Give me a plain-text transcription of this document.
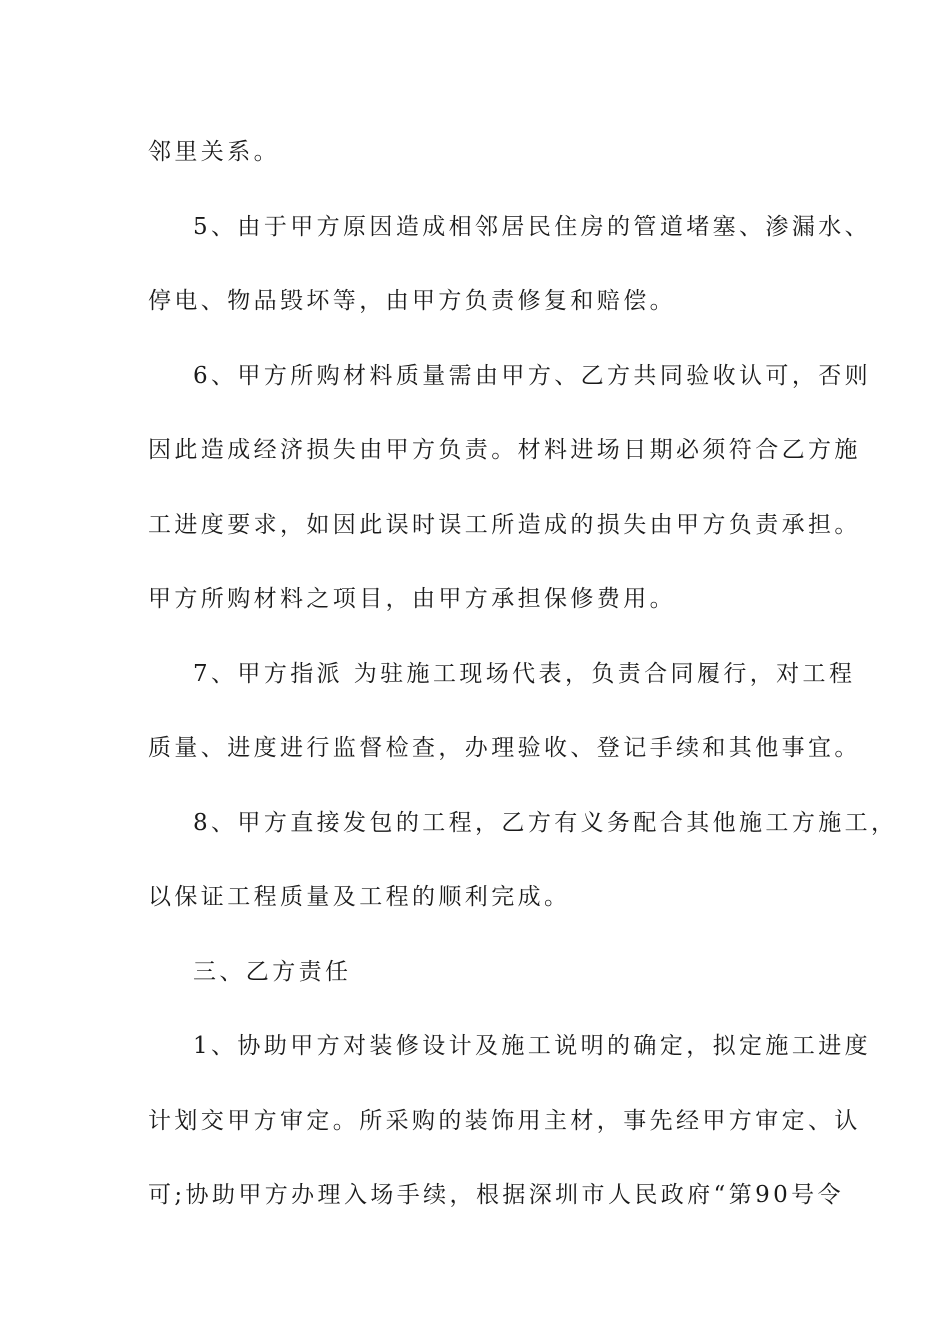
邻里关系。
5、由于甲方原因造成相邻居民住房的管道堵塞、渗漏水、
停电、物品毁坏等，由甲方负责修复和赔偿。
6、甲方所购材料质量需由甲方、乙方共同验收认可，否则
因此造成经济损失由甲方负责。材料进场日期必须符合乙方施
工进度要求，如因此误时误工所造成的损失由甲方负责承担。
甲方所购材料之项目，由甲方承担保修费用。
7、甲方指派 为驻施工现场代表，负责合同履行，对工程
质量、进度进行监督检查，办理验收、登记手续和其他事宜。
8、甲方直接发包的工程，乙方有义务配合其他施工方施工，
以保证工程质量及工程的顺利完成。
三、乙方责任
1、协助甲方对装修设计及施工说明的确定，拟定施工进度
计划交甲方审定。所采购的装饰用主材，事先经甲方审定、认
可;协助甲方办理入场手续，根据深圳市人民政府“第90号令
